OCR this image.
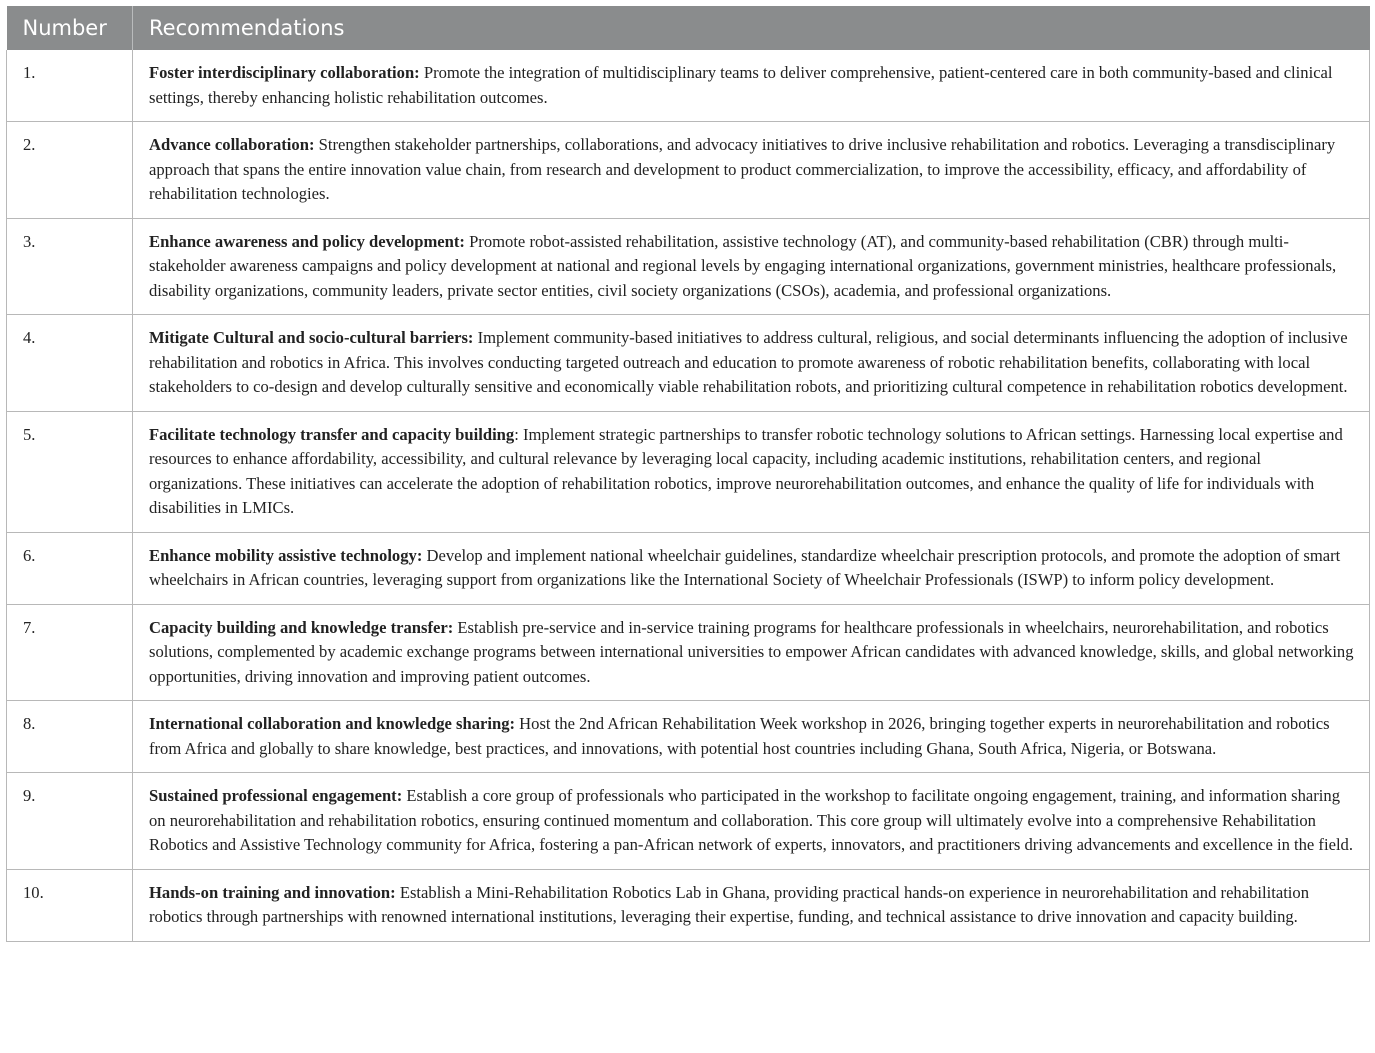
Number	Recommendations
1.	Foster interdisciplinary collaboration: Promote the integration of multidisciplinary teams to deliver comprehensive, patient-centered care in both community-based and clinical settings, thereby enhancing holistic rehabilitation outcomes.
2.	Advance collaboration: Strengthen stakeholder partnerships, collaborations, and advocacy initiatives to drive inclusive rehabilitation and robotics. Leveraging a transdisciplinary approach that spans the entire innovation value chain, from research and development to product commercialization, to improve the accessibility, efficacy, and affordability of rehabilitation technologies.
3.	Enhance awareness and policy development: Promote robot-assisted rehabilitation, assistive technology (AT), and community-based rehabilitation (CBR) through multi-stakeholder awareness campaigns and policy development at national and regional levels by engaging international organizations, government ministries, healthcare professionals, disability organizations, community leaders, private sector entities, civil society organizations (CSOs), academia, and professional organizations.
4.	Mitigate Cultural and socio-cultural barriers: Implement community-based initiatives to address cultural, religious, and social determinants influencing the adoption of inclusive rehabilitation and robotics in Africa. This involves conducting targeted outreach and education to promote awareness of robotic rehabilitation benefits, collaborating with local stakeholders to co-design and develop culturally sensitive and economically viable rehabilitation robots, and prioritizing cultural competence in rehabilitation robotics development.
5.	Facilitate technology transfer and capacity building: Implement strategic partnerships to transfer robotic technology solutions to African settings. Harnessing local expertise and resources to enhance affordability, accessibility, and cultural relevance by leveraging local capacity, including academic institutions, rehabilitation centers, and regional organizations. These initiatives can accelerate the adoption of rehabilitation robotics, improve neurorehabilitation outcomes, and enhance the quality of life for individuals with disabilities in LMICs.
6.	Enhance mobility assistive technology: Develop and implement national wheelchair guidelines, standardize wheelchair prescription protocols, and promote the adoption of smart wheelchairs in African countries, leveraging support from organizations like the International Society of Wheelchair Professionals (ISWP) to inform policy development.
7.	Capacity building and knowledge transfer: Establish pre-service and in-service training programs for healthcare professionals in wheelchairs, neurorehabilitation, and robotics solutions, complemented by academic exchange programs between international universities to empower African candidates with advanced knowledge, skills, and global networking opportunities, driving innovation and improving patient outcomes.
8.	International collaboration and knowledge sharing: Host the 2nd African Rehabilitation Week workshop in 2026, bringing together experts in neurorehabilitation and robotics from Africa and globally to share knowledge, best practices, and innovations, with potential host countries including Ghana, South Africa, Nigeria, or Botswana.
9.	Sustained professional engagement: Establish a core group of professionals who participated in the workshop to facilitate ongoing engagement, training, and information sharing on neurorehabilitation and rehabilitation robotics, ensuring continued momentum and collaboration. This core group will ultimately evolve into a comprehensive Rehabilitation Robotics and Assistive Technology community for Africa, fostering a pan-African network of experts, innovators, and practitioners driving advancements and excellence in the field.
10.	Hands-on training and innovation: Establish a Mini-Rehabilitation Robotics Lab in Ghana, providing practical hands-on experience in neurorehabilitation and rehabilitation robotics through partnerships with renowned international institutions, leveraging their expertise, funding, and technical assistance to drive innovation and capacity building.
